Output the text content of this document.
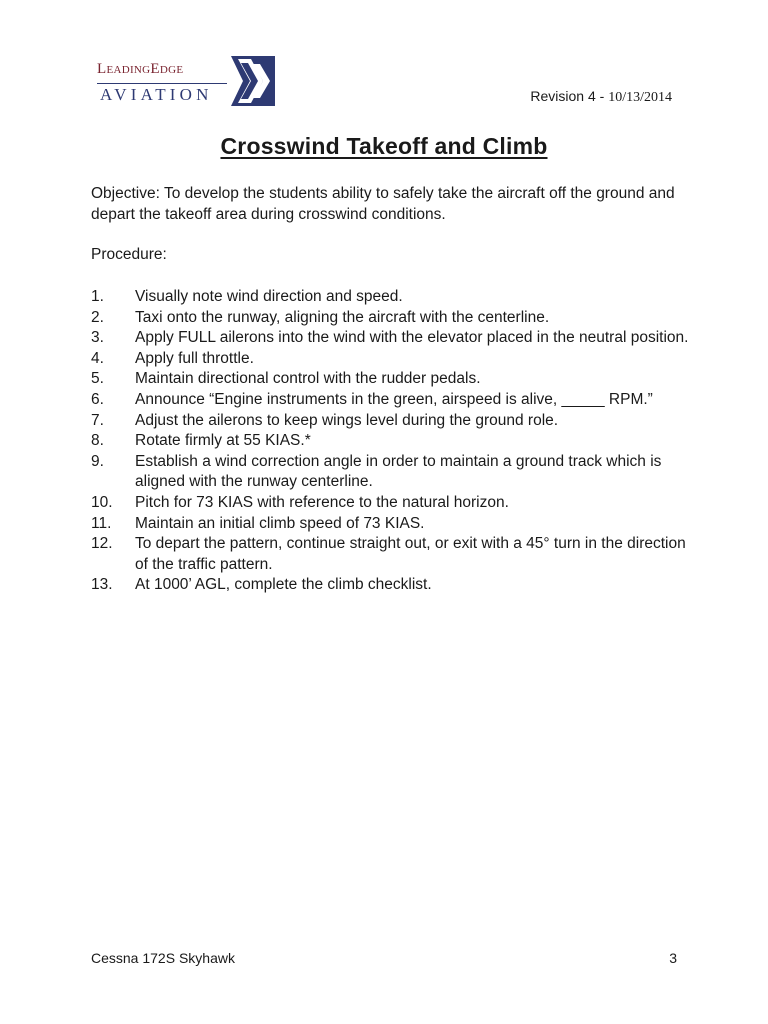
LeadingEdge
AVIATION	Revision 4 - 10/13/2014
Crosswind Takeoff and Climb
Objective: To develop the students ability to safely take the aircraft off the ground and depart the takeoff area during crosswind conditions.
Procedure:
1. Visually note wind direction and speed.
2. Taxi onto the runway, aligning the aircraft with the centerline.
3. Apply FULL ailerons into the wind with the elevator placed in the neutral position.
4. Apply full throttle.
5. Maintain directional control with the rudder pedals.
6. Announce “Engine instruments in the green, airspeed is alive, _____ RPM.”
7. Adjust the ailerons to keep wings level during the ground role.
8. Rotate firmly at 55 KIAS.*
9. Establish a wind correction angle in order to maintain a ground track which is aligned with the runway centerline.
10. Pitch for 73 KIAS with reference to the natural horizon.
11. Maintain an initial climb speed of 73 KIAS.
12. To depart the pattern, continue straight out, or exit with a 45° turn in the direction of the traffic pattern.
13. At 1000’ AGL, complete the climb checklist.
Cessna 172S Skyhawk	3
